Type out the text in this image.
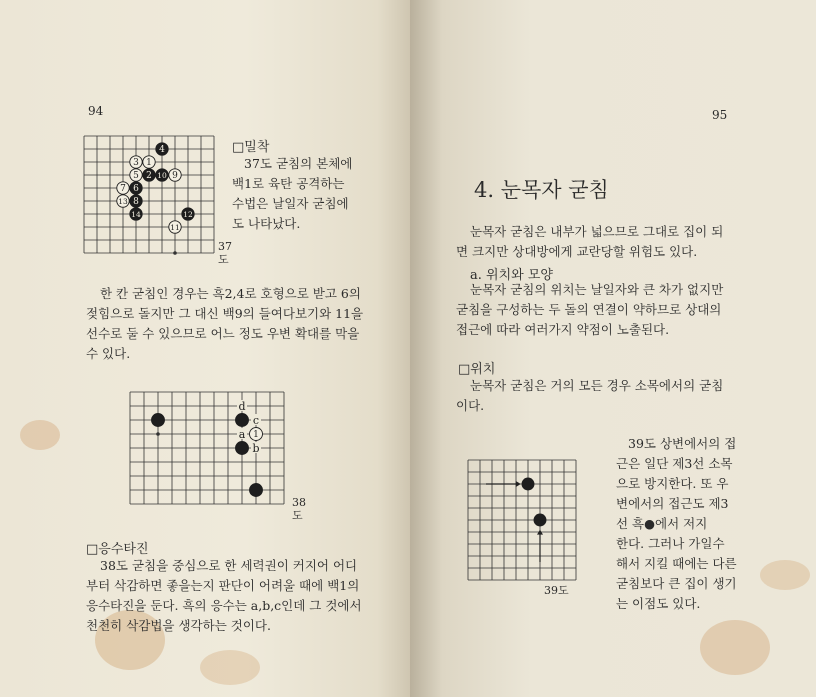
94
4
3 1
5 2 10 9
7 6
13 8
14	12
11
37
도
□밀착
37도 굳침의 본체에
백1로 육탄 공격하는
수법은 날일자 굳침에
도 나타났다.
한 칸 굳침인 경우는 흑2,4로 호형으로 받고 6의
젖힘으로 돌지만 그 대신 백9의 들여다보기와 11을
선수로 둘 수 있으므로 어느 정도 우변 확대를 막을
수 있다.
1
d
c
a
b
38
도
□응수타진
38도 굳침을 중심으로 한 세력권이 커지어 어디
부터 삭감하면 좋을는지 판단이 어려울 때에 백1의
응수타진을 둔다. 흑의 응수는 a,b,c인데 그 것에서
천천히 삭감법을 생각하는 것이다.
95
4. 눈목자 굳침
눈목자 굳침은 내부가 넓으므로 그대로 집이 되
면 크지만 상대방에게 교란당할 위험도 있다.
a. 위치와 모양
눈목자 굳침의 위치는 날일자와 큰 차가 없지만
굳침을 구성하는 두 돌의 연결이 약하므로 상대의
접근에 따라 여러가지 약점이 노출된다.
□위치
눈목자 굳침은 거의 모든 경우 소목에서의 굳침
이다.
39도
39도 상변에서의 접
근은 일단 제3선 소목
으로 방지한다. 또 우
변에서의 접근도 제3
선 흑●에서 저지
한다. 그러나 가일수
해서 지킬 때에는 다른
굳침보다 큰 집이 생기
는 이점도 있다.
